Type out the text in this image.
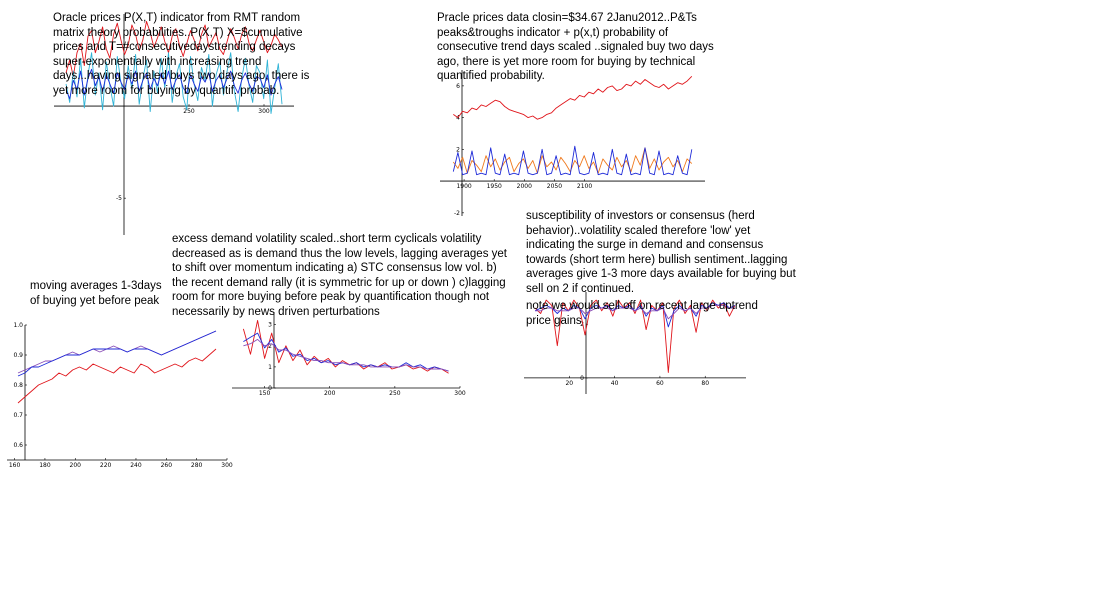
250	300
-5
1900 1950 2000 2050 2100
6
4
2
-2
160	180	200	220	240	260	280	300
1.0
0.9
0.8
0.7
0.6
150	200	250	300
3
2
1
0
20	40	60	80
2
0
Oracle prices P(X,T) indicator from RMT random matrix theory probabilities..P(X,T) X=$cumulative prices and T=#consecutivedaystrending decays super-exponentially with increasing trend days...having signaled buys two days ago, there is yet more room for buying by quantif. probab.
Pracle prices data closin=$34.67 2Janu2012..P&Ts peaks&troughs indicator + p(x,t) probability of consecutive trend days scaled ..signaled buy two days ago, there is yet more room for buying by technical quantified probability.
excess demand volatility scaled..short term cyclicals volatility decreased as is demand thus the low levels, lagging averages yet to shift over momentum indicating a) STC consensus low vol. b) the recent demand rally (it is symmetric for up or down ) c)lagging room for more buying before peak by quantification though not necessarily by news driven perturbations
moving averages 1-3days of buying yet before peak
susceptibility of investors or consensus (herd behavior)..volatility scaled therefore 'low' yet indicating the surge in demand and consensus towards (short term here) bullish sentiment..lagging averages give 1-3 more days available for buying but sell on 2 if continued.
note we would sell off on recent large uptrend price gains
